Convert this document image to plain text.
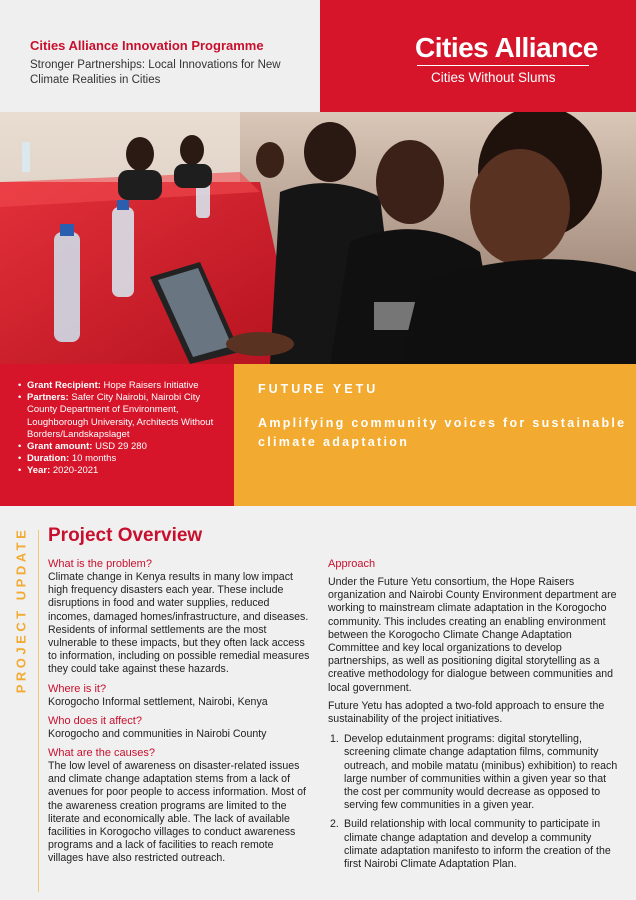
Cities Alliance Innovation Programme
Stronger Partnerships: Local Innovations for New Climate Realities in Cities
Cities Alliance
Cities Without Slums
• Grant Recipient: Hope Raisers Initiative
• Partners: Safer City Nairobi, Nairobi City County Department of Environment, Loughborough University, Architects Without Borders/Landskapslaget
• Grant amount: USD 29 280
• Duration: 10 months
• Year: 2020-2021
FUTURE YETU
Amplifying community voices for sustainable climate adaptation
PROJECT UPDATE Project Overview
What is the problem?
Climate change in Kenya results in many low impact high frequency disasters each year. These include disruptions in food and water supplies, reduced incomes, damaged homes/infrastructure, and diseases. Residents of informal settlements are the most vulnerable to these impacts, but they often lack access to information, including on possible remedial measures they could take against these hazards.
Where is it?
Korogocho Informal settlement, Nairobi, Kenya
Who does it affect?
Korogocho and communities in Nairobi County
What are the causes?
The low level of awareness on disaster-related issues and climate change adaptation stems from a lack of avenues for poor people to access information. Most of the awareness creation programs are limited to the literate and economically able. The lack of available facilities in Korogocho villages to conduct awareness programs and a lack of facilities to reach remote villages have also restricted outreach.
Approach
Under the Future Yetu consortium, the Hope Raisers organization and Nairobi County Environment department are working to mainstream climate adaptation in the Korogocho community. This includes creating an enabling environment between the Korogocho Climate Change Adaptation Committee and key local organizations to develop partnerships, as well as positioning digital storytelling as a creative methodology for dialogue between communities and local government.
Future Yetu has adopted a two-fold approach to ensure the sustainability of the project initiatives.
1. Develop edutainment programs: digital storytelling, screening climate change adaptation films, community outreach, and mobile matatu (minibus) exhibition) to reach large number of communities within a given year so that the cost per community would decrease as opposed to serving few communities in a given year.
2. Build relationship with local community to participate in climate change adaptation and develop a community climate adaptation manifesto to inform the creation of the first Nairobi Climate Adaptation Plan.
